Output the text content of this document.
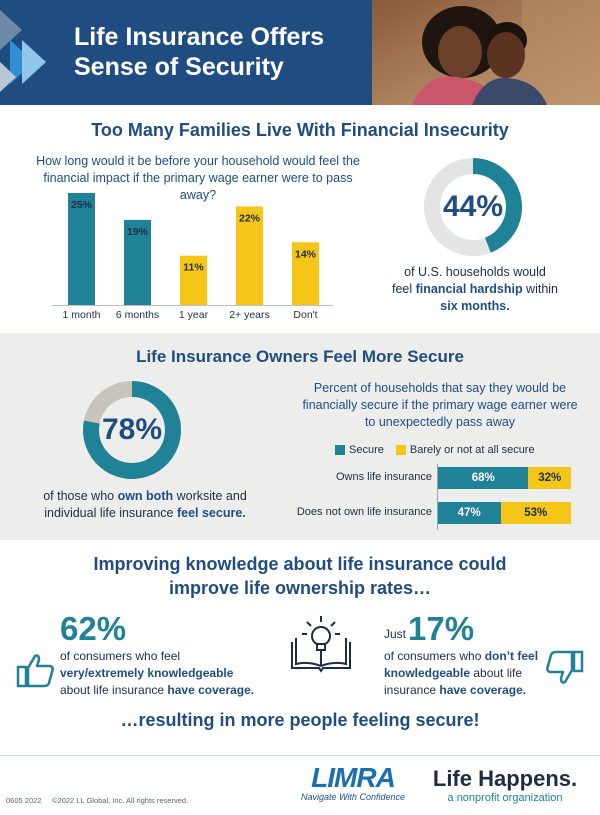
Life Insurance Offers
Sense of Security
Too Many Families Live With Financial Insecurity
How long would it be before your household would feel the financial impact if the primary wage earner were to pass away?
25%
19%
11%
22%
14%
1 month	6 months	1 year	2+ years	Don't
44%
of U.S. households would
feel financial hardship within
six months.
Life Insurance Owners Feel More Secure
78%
of those who own both worksite and
individual life insurance feel secure.
Percent of households that say they would be financially secure if the primary wage earner were to unexpectedly pass away
Secure Barely or not at all secure
Owns life insurance	68%	32%
Does not own life insurance	47%	53%
Improving knowledge about life insurance could
improve life ownership rates…
62%
of consumers who feel
very/extremely knowledgeable
about life insurance have coverage.
Just 17%
of consumers who don’t feel
knowledgeable about life
insurance have coverage.
…resulting in more people feeling secure!
LIMRA
Navigate With Confidence
Life Happens.
a nonprofit organization
0605 2022 ©2022 LL Global, Inc. All rights reserved.
